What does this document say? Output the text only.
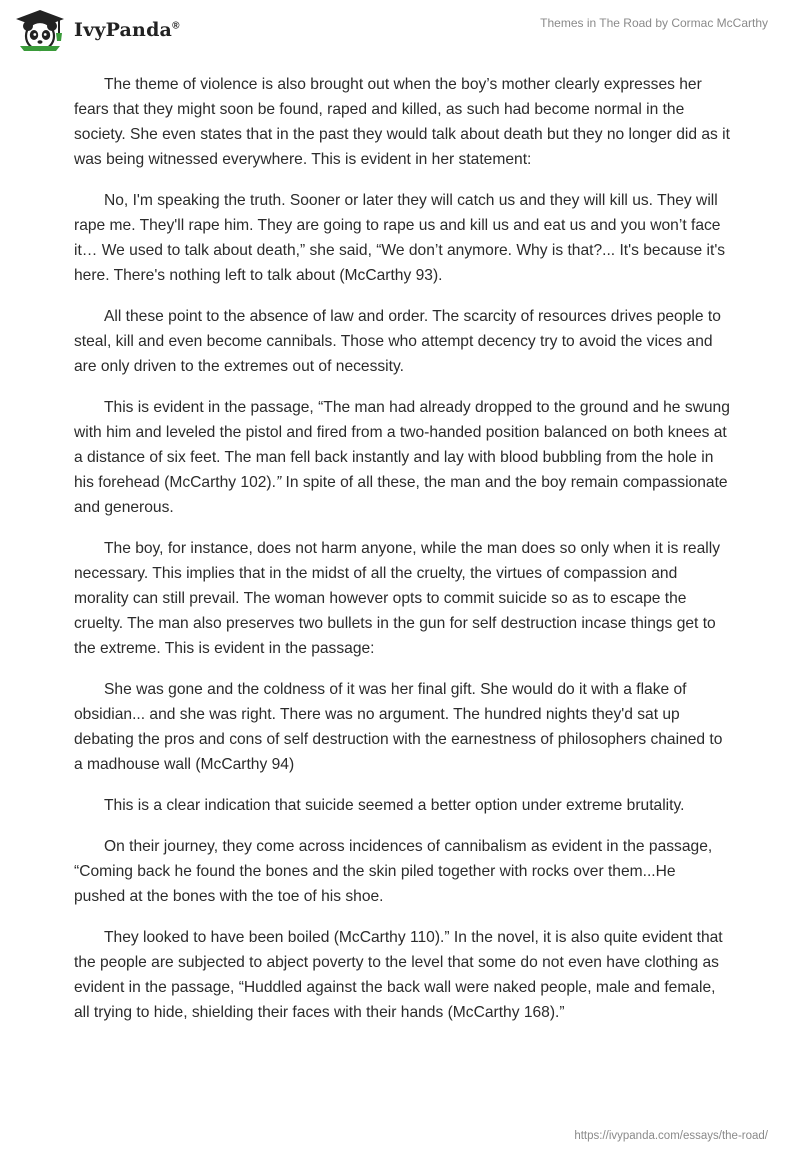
IvyPanda®	Themes in The Road by Cormac McCarthy

The theme of violence is also brought out when the boy’s mother clearly expresses her fears that they might soon be found, raped and killed, as such had become normal in the society. She even states that in the past they would talk about death but they no longer did as it was being witnessed everywhere. This is evident in her statement:

No, I'm speaking the truth. Sooner or later they will catch us and they will kill us. They will rape me. They'll rape him. They are going to rape us and kill us and eat us and you won’t face it… We used to talk about death,” she said, “We don’t anymore. Why is that?... It's because it's here. There's nothing left to talk about (McCarthy 93).

All these point to the absence of law and order. The scarcity of resources drives people to steal, kill and even become cannibals. Those who attempt decency try to avoid the vices and are only driven to the extremes out of necessity.

This is evident in the passage, “The man had already dropped to the ground and he swung with him and leveled the pistol and fired from a two-handed position balanced on both knees at a distance of six feet. The man fell back instantly and lay with blood bubbling from the hole in his forehead (McCarthy 102).” In spite of all these, the man and the boy remain compassionate and generous.

The boy, for instance, does not harm anyone, while the man does so only when it is really necessary. This implies that in the midst of all the cruelty, the virtues of compassion and morality can still prevail. The woman however opts to commit suicide so as to escape the cruelty. The man also preserves two bullets in the gun for self destruction incase things get to the extreme. This is evident in the passage:

She was gone and the coldness of it was her final gift. She would do it with a flake of obsidian... and she was right. There was no argument. The hundred nights they'd sat up debating the pros and cons of self destruction with the earnestness of philosophers chained to a madhouse wall (McCarthy 94)

This is a clear indication that suicide seemed a better option under extreme brutality.

On their journey, they come across incidences of cannibalism as evident in the passage, “Coming back he found the bones and the skin piled together with rocks over them...He pushed at the bones with the toe of his shoe.

They looked to have been boiled (McCarthy 110).” In the novel, it is also quite evident that the people are subjected to abject poverty to the level that some do not even have clothing as evident in the passage, “Huddled against the back wall were naked people, male and female, all trying to hide, shielding their faces with their hands (McCarthy 168).”

https://ivypanda.com/essays/the-road/
